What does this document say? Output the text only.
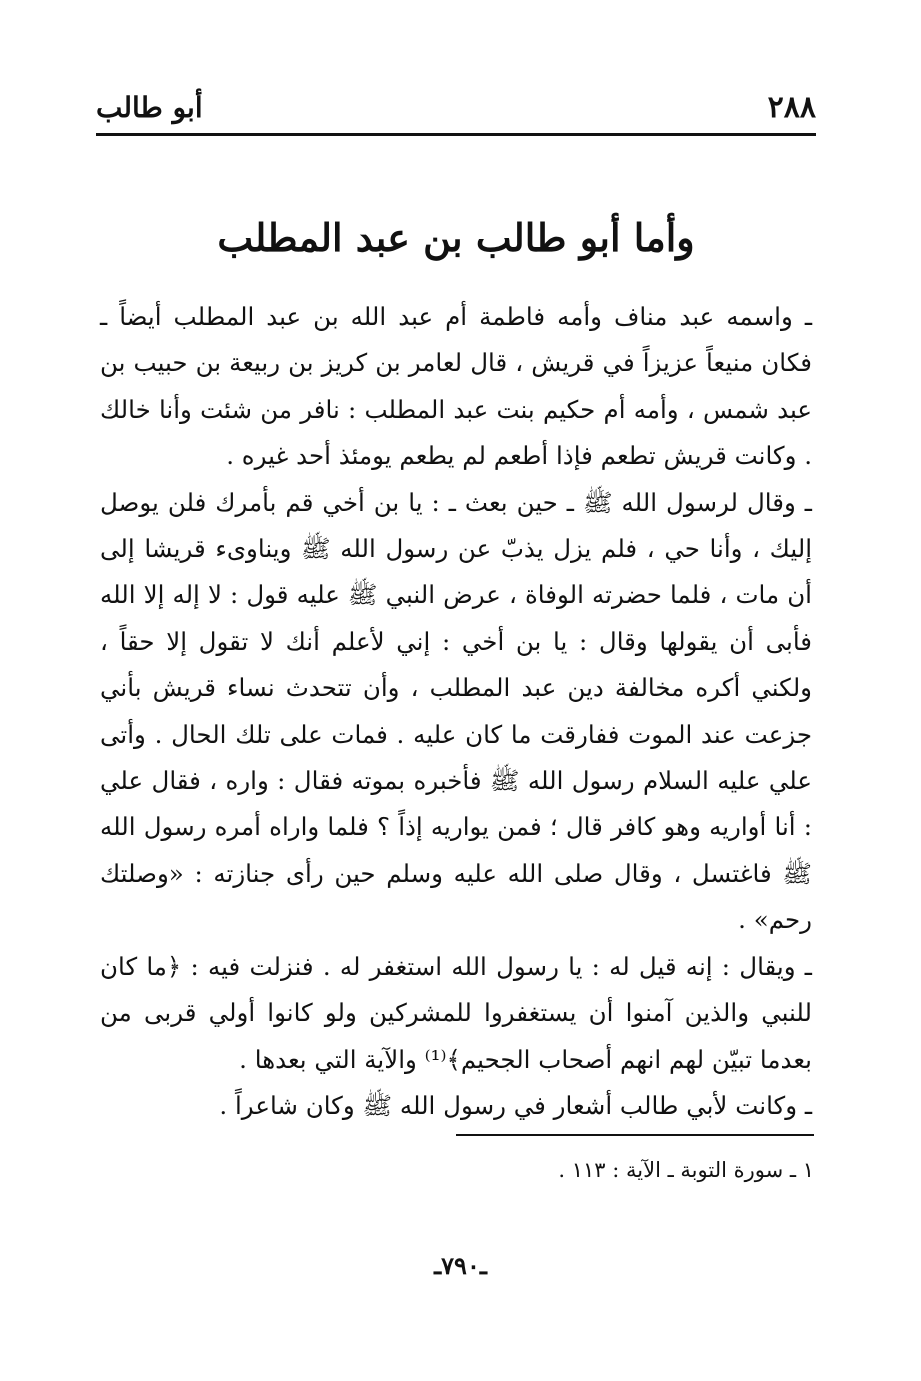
٢٨٨
أبو طالب
وأما أبو طالب بن عبد المطلب

ـ واسمه عبد مناف وأمه فاطمة أم عبد الله بن عبد المطلب أيضاً ـ فكان منيعاً عزيزاً في قريش ، قال لعامر بن كريز بن ربيعة بن حبيب بن عبد شمس ، وأمه أم حكيم بنت عبد المطلب : نافر من شئت وأنا خالك . وكانت قريش تطعم فإذا أطعم لم يطعم يومئذ أحد غيره .

ـ وقال لرسول الله ﷺ ـ حين بعث ـ : يا بن أخي قم بأمرك فلن يوصل إليك ، وأنا حي ، فلم يزل يذبّ عن رسول الله ﷺ ويناوىء قريشا إلى أن مات ، فلما حضرته الوفاة ، عرض النبي ﷺ عليه قول : لا إله إلا الله فأبى أن يقولها وقال : يا بن أخي : إني لأعلم أنك لا تقول إلا حقاً ، ولكني أكره مخالفة دين عبد المطلب ، وأن تتحدث نساء قريش بأني جزعت عند الموت ففارقت ما كان عليه . فمات على تلك الحال . وأتى علي عليه السلام رسول الله ﷺ فأخبره بموته فقال : واره ، فقال علي : أنا أواريه وهو كافر قال ؛ فمن يواريه إذاً ؟ فلما واراه أمره رسول الله ﷺ فاغتسل ، وقال صلى الله عليه وسلم حين رأى جنازته : «وصلتك رحم» .

ـ ويقال : إنه قيل له : يا رسول الله استغفر له . فنزلت فيه : ﴿ما كان للنبي والذين آمنوا أن يستغفروا للمشركين ولو كانوا أولي قربى من بعدما تبيّن لهم انهم أصحاب الجحيم﴾⁽¹⁾ والآية التي بعدها .

ـ وكانت لأبي طالب أشعار في رسول الله ﷺ وكان شاعراً .

١ ـ سورة التوبة ـ الآية : ١١٣ .
ـ٧٩٠ـ
